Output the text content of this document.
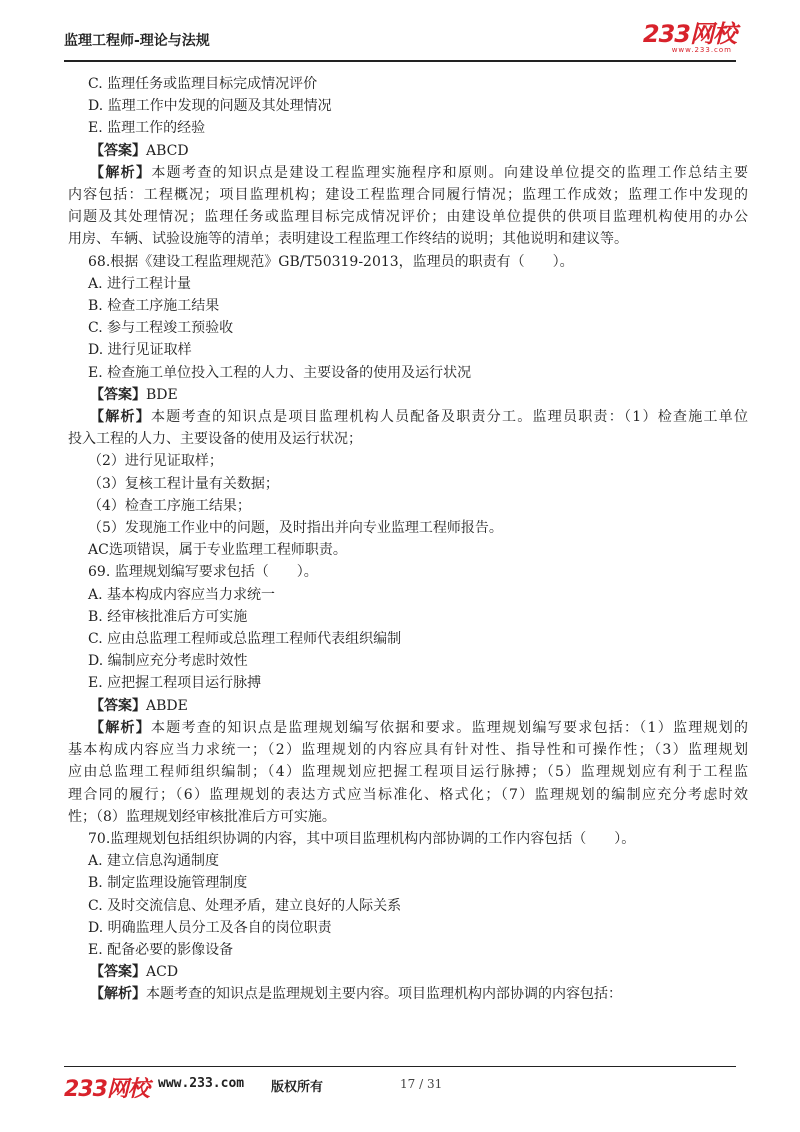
监理工程师-理论与法规	233网校
www.233.com
C. 监理任务或监理目标完成情况评价
D. 监理工作中发现的问题及其处理情况
E. 监理工作的经验
【答案】ABCD
【解析】本题考查的知识点是建设工程监理实施程序和原则。向建设单位提交的监理工作总结主要
内容包括：工程概况；项目监理机构；建设工程监理合同履行情况；监理工作成效；监理工作中发现的
问题及其处理情况；监理任务或监理目标完成情况评价；由建设单位提供的供项目监理机构使用的办公
用房、车辆、试验设施等的清单；表明建设工程监理工作终结的说明；其他说明和建议等。
68.根据《建设工程监理规范》GB/T50319-2013，监理员的职责有（　　）。
A. 进行工程计量
B. 检查工序施工结果
C. 参与工程竣工预验收
D. 进行见证取样
E. 检查施工单位投入工程的人力、主要设备的使用及运行状况
【答案】BDE
【解析】本题考查的知识点是项目监理机构人员配备及职责分工。监理员职责：（1）检查施工单位
投入工程的人力、主要设备的使用及运行状况；
（2）进行见证取样；
（3）复核工程计量有关数据；
（4）检查工序施工结果；
（5）发现施工作业中的问题，及时指出并向专业监理工程师报告。
AC选项错误，属于专业监理工程师职责。
69. 监理规划编写要求包括（　　）。
A. 基本构成内容应当力求统一
B. 经审核批准后方可实施
C. 应由总监理工程师或总监理工程师代表组织编制
D. 编制应充分考虑时效性
E. 应把握工程项目运行脉搏
【答案】ABDE
【解析】本题考查的知识点是监理规划编写依据和要求。监理规划编写要求包括：（1）监理规划的
基本构成内容应当力求统一；（2）监理规划的内容应具有针对性、指导性和可操作性；（3）监理规划
应由总监理工程师组织编制；（4）监理规划应把握工程项目运行脉搏；（5）监理规划应有利于工程监
理合同的履行；（6）监理规划的表达方式应当标准化、格式化；（7）监理规划的编制应充分考虑时效
性；（8）监理规划经审核批准后方可实施。
70.监理规划包括组织协调的内容，其中项目监理机构内部协调的工作内容包括（　　）。
A. 建立信息沟通制度
B. 制定监理设施管理制度
C. 及时交流信息、处理矛盾，建立良好的人际关系
D. 明确监理人员分工及各自的岗位职责
E. 配备必要的影像设备
【答案】ACD
【解析】本题考查的知识点是监理规划主要内容。项目监理机构内部协调的内容包括：
233网校 www.233.com 版权所有	17 / 31
